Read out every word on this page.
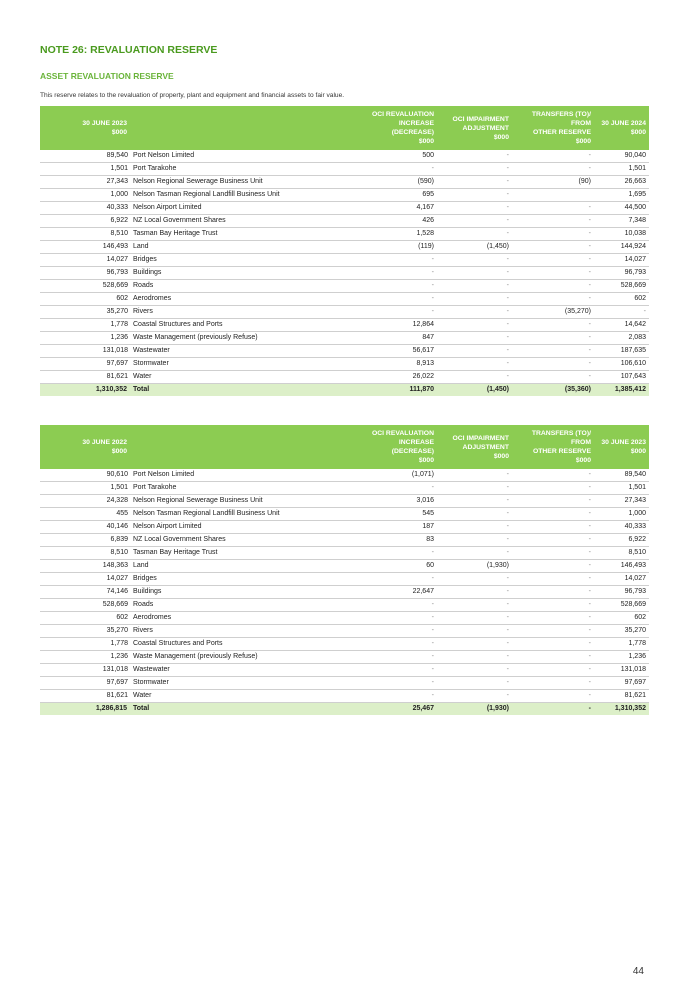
NOTE 26: REVALUATION RESERVE
ASSET REVALUATION RESERVE
This reserve relates to the revaluation of property, plant and equipment and financial assets to fair value.
30 JUNE 2023
$000		OCI REVALUATION
INCREASE
(DECREASE)
$000	OCI IMPAIRMENT
ADJUSTMENT
$000	TRANSFERS (TO)/ FROM
OTHER RESERVE
$000	30 JUNE 2024
$000
89,540	Port Nelson Limited	500	-	-	90,040
1,501	Port Tarakohe	-	-	-	1,501
27,343	Nelson Regional Sewerage Business Unit	(590)	-	(90)	26,663
1,000	Nelson Tasman Regional Landfill Business Unit	695	-		1,695
40,333	Nelson Airport Limited	4,167	-	-	44,500
6,922	NZ Local Government Shares	426	-	-	7,348
8,510	Tasman Bay Heritage Trust	1,528	-	-	10,038
146,493	Land	(119)	(1,450)	-	144,924
14,027	Bridges	-	-	-	14,027
96,793	Buildings	-	-	-	96,793
528,669	Roads	-	-	-	528,669
602	Aerodromes	-	-	-	602
35,270	Rivers	-	-	(35,270)	-
1,778	Coastal Structures and Ports	12,864	-	-	14,642
1,236	Waste Management (previously Refuse)	847	-	-	2,083
131,018	Wastewater	56,617	-	-	187,635
97,697	Stormwater	8,913	-	-	106,610
81,621	Water	26,022	-	-	107,643
1,310,352	Total	111,870	(1,450)	(35,360)	1,385,412
30 JUNE 2022
$000		OCI REVALUATION
INCREASE
(DECREASE)
$000	OCI IMPAIRMENT
ADJUSTMENT
$000	TRANSFERS (TO)/ FROM
OTHER RESERVE
$000	30 JUNE 2023
$000
90,610	Port Nelson Limited	(1,071)	-	-	89,540
1,501	Port Tarakohe	-	-	-	1,501
24,328	Nelson Regional Sewerage Business Unit	3,016	-	-	27,343
455	Nelson Tasman Regional Landfill Business Unit	545	-	-	1,000
40,146	Nelson Airport Limited	187	-	-	40,333
6,839	NZ Local Government Shares	83	-	-	6,922
8,510	Tasman Bay Heritage Trust	-	-	-	8,510
148,363	Land	60	(1,930)	-	146,493
14,027	Bridges	-	-	-	14,027
74,146	Buildings	22,647	-	-	96,793
528,669	Roads	-	-	-	528,669
602	Aerodromes	-	-	-	602
35,270	Rivers	-	-	-	35,270
1,778	Coastal Structures and Ports	-	-	-	1,778
1,236	Waste Management (previously Refuse)	-	-	-	1,236
131,018	Wastewater	-	-	-	131,018
97,697	Stormwater	-	-	-	97,697
81,621	Water	-	-	-	81,621
1,286,815	Total	25,467	(1,930)	-	1,310,352
44
